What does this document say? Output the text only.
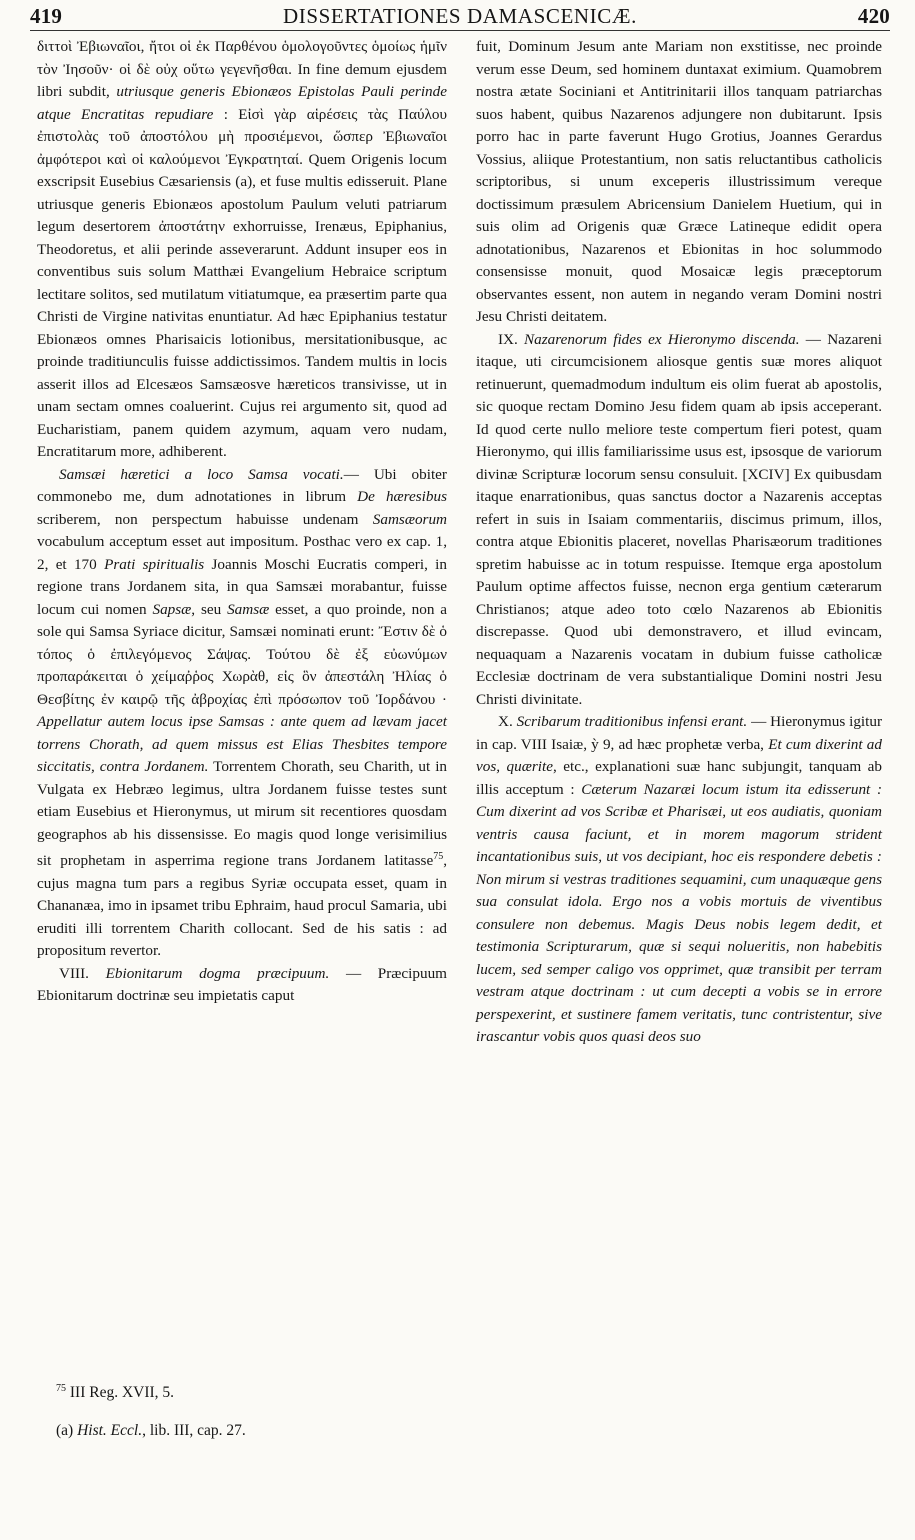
419	DISSERTATIONES DAMASCENICÆ.	420

διττοὶ Ἐβιωναῖοι, ἤτοι οἱ ἐκ Παρθένου ὁμολογοῦντες ὁμοίως ἡμῖν τὸν Ἰησοῦν· οἱ δὲ οὐχ οὕτω γεγενῆσθαι. In fine demum ejusdem libri subdit, utriusque generis Ebionæos Epistolas Pauli perinde atque Encratitas repudiare : Εἰσὶ γὰρ αἱρέσεις τὰς Παύλου ἐπιστολὰς τοῦ ἀποστόλου μὴ προσιέμενοι, ὥσπερ Ἐβιωναῖοι ἀμφότεροι καὶ οἱ καλούμενοι Ἐγκρατηταί. Quem Origenis locum exscripsit Eusebius Cæsariensis (a), et fuse multis edisseruit. Plane utriusque generis Ebionæos apostolum Paulum veluti patriarum legum desertorem ἀποστάτην exhorruisse, Irenæus, Epiphanius, Theodoretus, et alii perinde asseverarunt. Addunt insuper eos in conventibus suis solum Matthæi Evangelium Hebraice scriptum lectitare solitos, sed mutilatum vitiatumque, ea præsertim parte qua Christi de Virgine nativitas enuntiatur. Ad hæc Epiphanius testatur Ebionæos omnes Pharisaicis lotionibus, mersitationibusque, ac proinde traditiunculis fuisse addictissimos. Tandem multis in locis asserit illos ad Elcesæos Samsæosve hæreticos transivisse, ut in unam sectam omnes coaluerint. Cujus rei argumento sit, quod ad Eucharistiam, panem quidem azymum, aquam vero nudam, Encratitarum more, adhiberent.

Samsæi hæretici a loco Samsa vocati.— Ubi obiter commonebo me, dum adnotationes in librum De hæresibus scriberem, non perspectum habuisse undenam Samsæorum vocabulum acceptum esset aut impositum. Posthac vero ex cap. 1, 2, et 170 Prati spiritualis Joannis Moschi Eucratis comperi, in regione trans Jordanem sita, in qua Samsæi morabantur, fuisse locum cui nomen Sapsæ, seu Samsæ esset, a quo proinde, non a sole qui Samsa Syriace dicitur, Samsæi nominati erunt: Ἔστιν δὲ ὁ τόπος ὁ ἐπιλεγόμενος Σάψας. Τούτου δὲ ἐξ εὐωνύμων προπαράκειται ὁ χείμαῤῥος Χωρὰθ, εἰς ὃν ἀπεστάλη Ἠλίας ὁ Θεσβίτης ἐν καιρῷ τῆς ἀβροχίας ἐπὶ πρόσωπον τοῦ Ἰορδάνου · Appellatur autem locus ipse Samsas : ante quem ad lævam jacet torrens Chorath, ad quem missus est Elias Thesbites tempore siccitatis, contra Jordanem. Torrentem Chorath, seu Charith, ut in Vulgata ex Hebræo legimus, ultra Jordanem fuisse testes sunt etiam Eusebius et Hieronymus, ut mirum sit recentiores quosdam geographos ab his dissensisse. Eo magis quod longe verisimilius sit prophetam in asperrima regione trans Jordanem latitasse$^{75}$, cujus magna tum pars a regibus Syriæ occupata esset, quam in Chananæa, imo in ipsamet tribu Ephraim, haud procul Samaria, ubi eruditi illi torrentem Charith collocant. Sed de his satis : ad propositum revertor.

VIII. Ebionitarum dogma præcipuum. — Præcipuum Ebionitarum doctrinæ seu impietatis caput

fuit, Dominum Jesum ante Mariam non exstitisse, nec proinde verum esse Deum, sed hominem duntaxat eximium. Quamobrem nostra ætate Sociniani et Antitrinitarii illos tanquam patriarchas suos habent, quibus Nazarenos adjungere non dubitarunt. Ipsis porro hac in parte faverunt Hugo Grotius, Joannes Gerardus Vossius, aliique Protestantium, non satis reluctantibus catholicis scriptoribus, si unum exceperis illustrissimum vereque doctissimum præsulem Abricensium Danielem Huetium, qui in suis olim ad Origenis quæ Græce Latineque edidit opera adnotationibus, Nazarenos et Ebionitas in hoc solummodo consensisse monuit, quod Mosaicæ legis præceptorum observantes essent, non autem in negando veram Domini nostri Jesu Christi deitatem.

IX. Nazarenorum fides ex Hieronymo discenda. — Nazareni itaque, uti circumcisionem aliosque gentis suæ mores aliquot retinuerunt, quemadmodum indultum eis olim fuerat ab apostolis, sic quoque rectam Domino Jesu fidem quam ab ipsis acceperant. Id quod certe nullo meliore teste compertum fieri potest, quam Hieronymo, qui illis familiarissime usus est, ipsosque de variorum divinæ Scripturæ locorum sensu consuluit. [XCIV] Ex quibusdam itaque enarrationibus, quas sanctus doctor a Nazarenis acceptas refert in suis in Isaiam commentariis, discimus primum, illos, contra atque Ebionitis placeret, novellas Pharisæorum traditiones spretim habuisse ac in totum respuisse. Itemque erga apostolum Paulum optime affectos fuisse, necnon erga gentium cæterarum Christianos; atque adeo toto cœlo Nazarenos ab Ebionitis discrepasse. Quod ubi demonstravero, et illud evincam, nequaquam a Nazarenis vocatam in dubium fuisse catholicæ Ecclesiæ doctrinam de vera substantialique Domini nostri Jesu Christi divinitate.

X. Scribarum traditionibus infensi erant. — Hieronymus igitur in cap. VIII Isaiæ, ỳ 9, ad hæc prophetæ verba, Et cum dixerint ad vos, quærite, etc., explanationi suæ hanc subjungit, tanquam ab illis acceptum : Cæterum Nazaræi locum istum ita edisserunt : Cum dixerint ad vos Scribæ et Pharisæi, ut eos audiatis, quoniam ventris causa faciunt, et in morem magorum strident incantationibus suis, ut vos decipiant, hoc eis respondere debetis : Non mirum si vestras traditiones sequamini, cum unaquæque gens sua consulat idola. Ergo nos a vobis mortuis de viventibus consulere non debemus. Magis Deus nobis legem dedit, et testimonia Scripturarum, quæ si sequi nolueritis, non habebitis lucem, sed semper caligo vos opprimet, quæ transibit per terram vestram atque doctrinam : ut cum decepti a vobis se in errore perspexerint, et sustinere famem veritatis, tunc contristentur, sive irascantur vobis quos quasi deos suo

$^{75}$ III Reg. XVII, 5.

(a) Hist. Eccl., lib. III, cap. 27.
